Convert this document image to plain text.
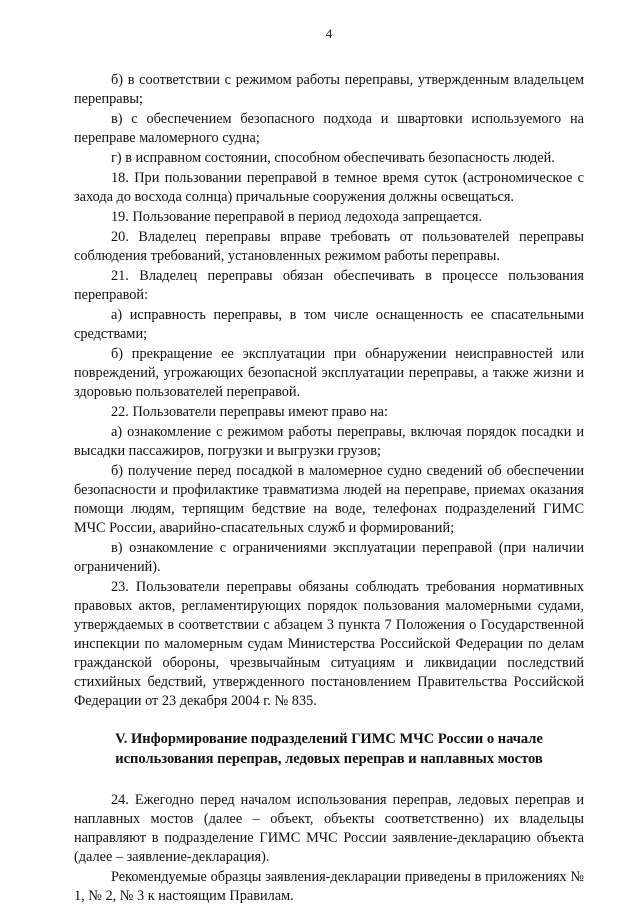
4

б) в соответствии с режимом работы переправы, утвержденным владельцем переправы;

в) с обеспечением безопасного подхода и швартовки используемого на переправе маломерного судна;

г) в исправном состоянии, способном обеспечивать безопасность людей.

18. При пользовании переправой в темное время суток (астрономическое с захода до восхода солнца) причальные сооружения должны освещаться.

19. Пользование переправой в период ледохода запрещается.

20. Владелец переправы вправе требовать от пользователей переправы соблюдения требований, установленных режимом работы переправы.

21. Владелец переправы обязан обеспечивать в процессе пользования переправой:

а) исправность переправы, в том числе оснащенность ее спасательными средствами;

б) прекращение ее эксплуатации при обнаружении неисправностей или повреждений, угрожающих безопасной эксплуатации переправы, а также жизни и здоровью пользователей переправой.

22. Пользователи переправы имеют право на:

а) ознакомление с режимом работы переправы, включая порядок посадки и высадки пассажиров, погрузки и выгрузки грузов;

б) получение перед посадкой в маломерное судно сведений об обеспечении безопасности и профилактике травматизма людей на переправе, приемах оказания помощи людям, терпящим бедствие на воде, телефонах подразделений ГИМС МЧС России, аварийно-спасательных служб и формирований;

в) ознакомление с ограничениями эксплуатации переправой (при наличии ограничений).

23. Пользователи переправы обязаны соблюдать требования нормативных правовых актов, регламентирующих порядок пользования маломерными судами, утверждаемых в соответствии с абзацем 3 пункта 7 Положения о Государственной инспекции по маломерным судам Министерства Российской Федерации по делам гражданской обороны, чрезвычайным ситуациям и ликвидации последствий стихийных бедствий, утвержденного постановлением Правительства Российской Федерации от 23 декабря 2004 г. № 835.

V. Информирование подразделений ГИМС МЧС России о начале
использования переправ, ледовых переправ и наплавных мостов

24. Ежегодно перед началом использования переправ, ледовых переправ и наплавных мостов (далее – объект, объекты соответственно) их владельцы направляют в подразделение ГИМС МЧС России заявление-декларацию объекта (далее – заявление-декларация).

Рекомендуемые образцы заявления-декларации приведены в приложениях № 1, № 2, № 3 к настоящим Правилам.
